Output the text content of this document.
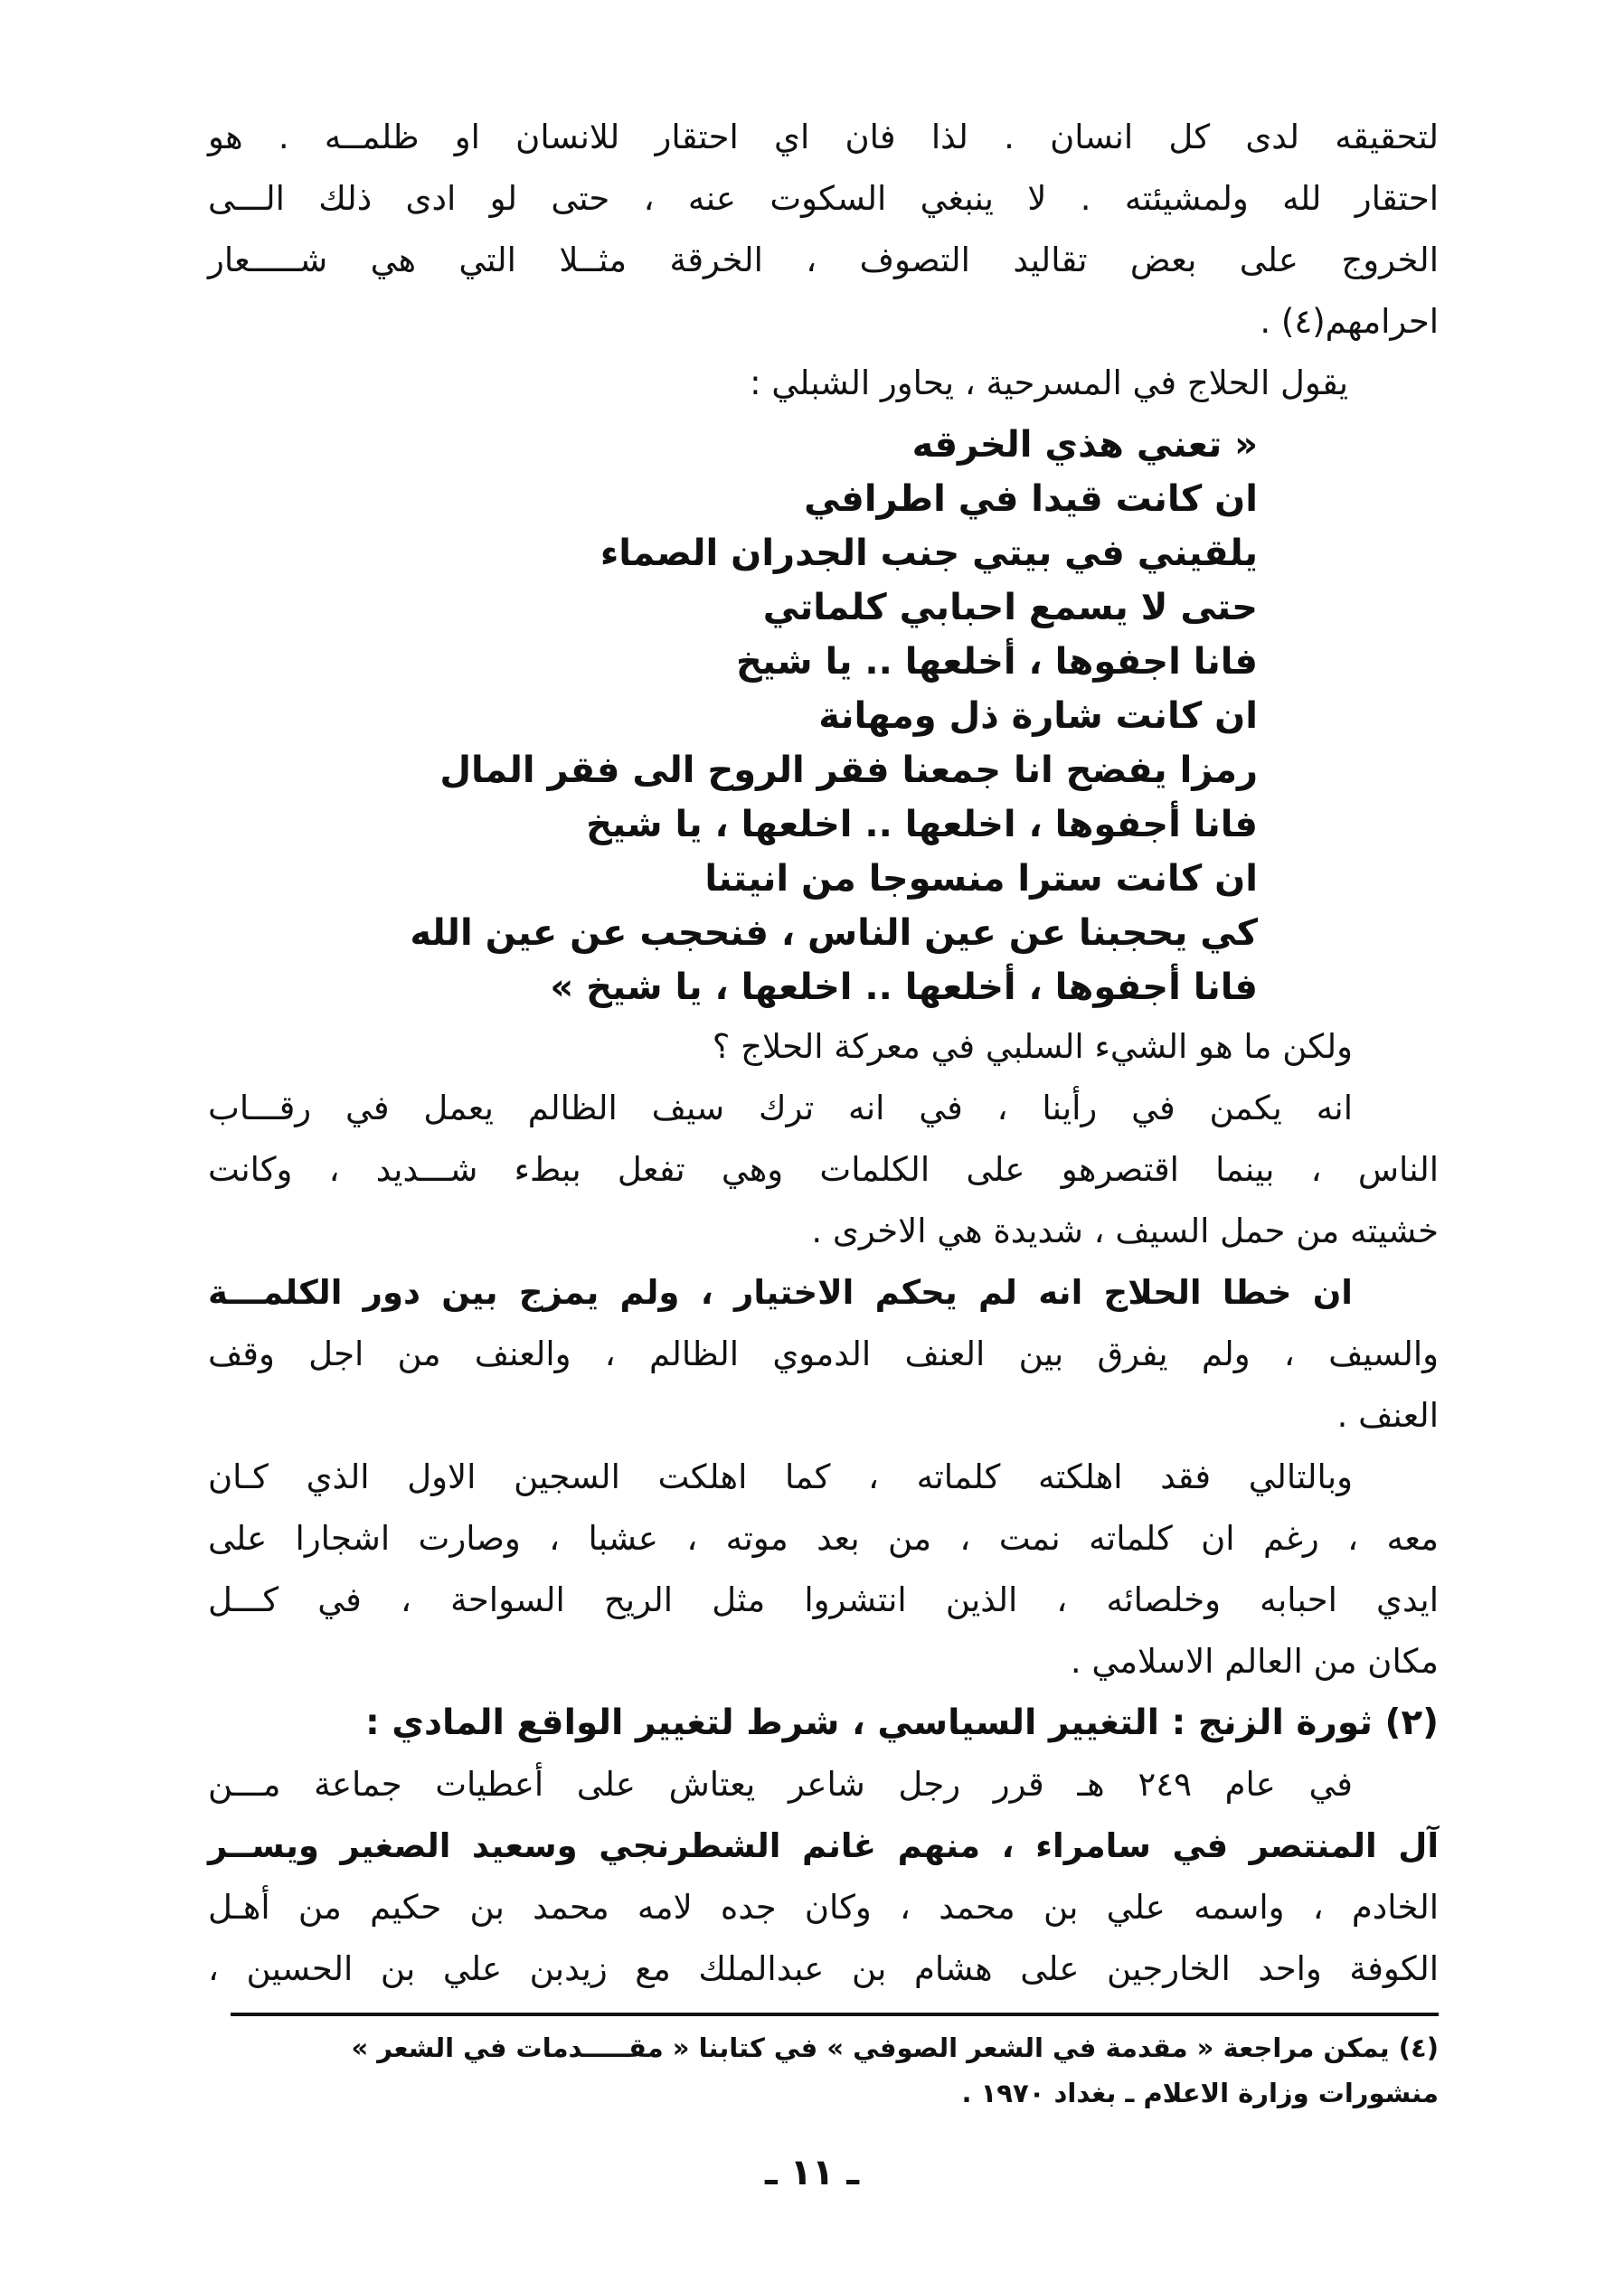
لتحقيقه لدى كل انسان . لذا فان اي احتقار للانسان او ظلمــه . هو
احتقار لله ولمشيئته . لا ينبغي السكوت عنه ، حتى لو ادى ذلك الـــى
الخروج على بعض تقاليد التصوف ، الخرقة مثــلا التي هي شـــــعار
احرامهم(٤) .

يقول الحلاج في المسرحية ، يحاور الشبلي :

« تعني هذي الخرقه
ان كانت قيدا في اطرافي
يلقيني في بيتي جنب الجدران الصماء
حتى لا يسمع احبابي كلماتي
فانا اجفوها ، أخلعها .. يا شيخ
ان كانت شارة ذل ومهانة
رمزا يفضح انا جمعنا فقر الروح الى فقر المال
فانا أجفوها ، اخلعها .. اخلعها ، يا شيخ
ان كانت سترا منسوجا من انيتنا
كي يحجبنا عن عين الناس ، فنحجب عن عين الله
فانا أجفوها ، أخلعها .. اخلعها ، يا شيخ »

ولكن ما هو الشيء السلبي في معركة الحلاج ؟

انه يكمن في رأينا ، في انه ترك سيف الظالم يعمل في رقـــاب
الناس ، بينما اقتصرهو على الكلمات وهي تفعل ببطء شـــديد ، وكانت
خشيته من حمل السيف ، شديدة هي الاخرى .

ان خطا الحلاج انه لم يحكم الاختيار ، ولم يمزج بين دور الكلمـــة
والسيف ، ولم يفرق بين العنف الدموي الظالم ، والعنف من اجل وقف
العنف .

وبالتالي فقد اهلكته كلماته ، كما اهلكت السجين الاول الذي كـان
معه ، رغم ان كلماته نمت ، من بعد موته ، عشبا ، وصارت اشجارا على
ايدي احبابه وخلصائه ، الذين انتشروا مثل الريح السواحة ، في كـــل
مكان من العالم الاسلامي .

(٢) ثورة الزنج : التغيير السياسي ، شرط لتغيير الواقع المادي :

في عام ٢٤٩ هـ قرر رجل شاعر يعتاش على أعطيات جماعة مـــن
آل المنتصر في سامراء ، منهم غانم الشطرنجي وسعيد الصغير ويســر
الخادم ، واسمه علي بن محمد ، وكان جده لامه محمد بن حكيم من أهـل
الكوفة واحد الخارجين على هشام بن عبدالملك مع زيدبن علي بن الحسين ،

(٤) يمكن مراجعة « مقدمة في الشعر الصوفي » في كتابنا « مقـــــدمات في الشعر »
منشورات وزارة الاعلام ـ بغداد ١٩٧٠ .
ـ ١١ ـ
